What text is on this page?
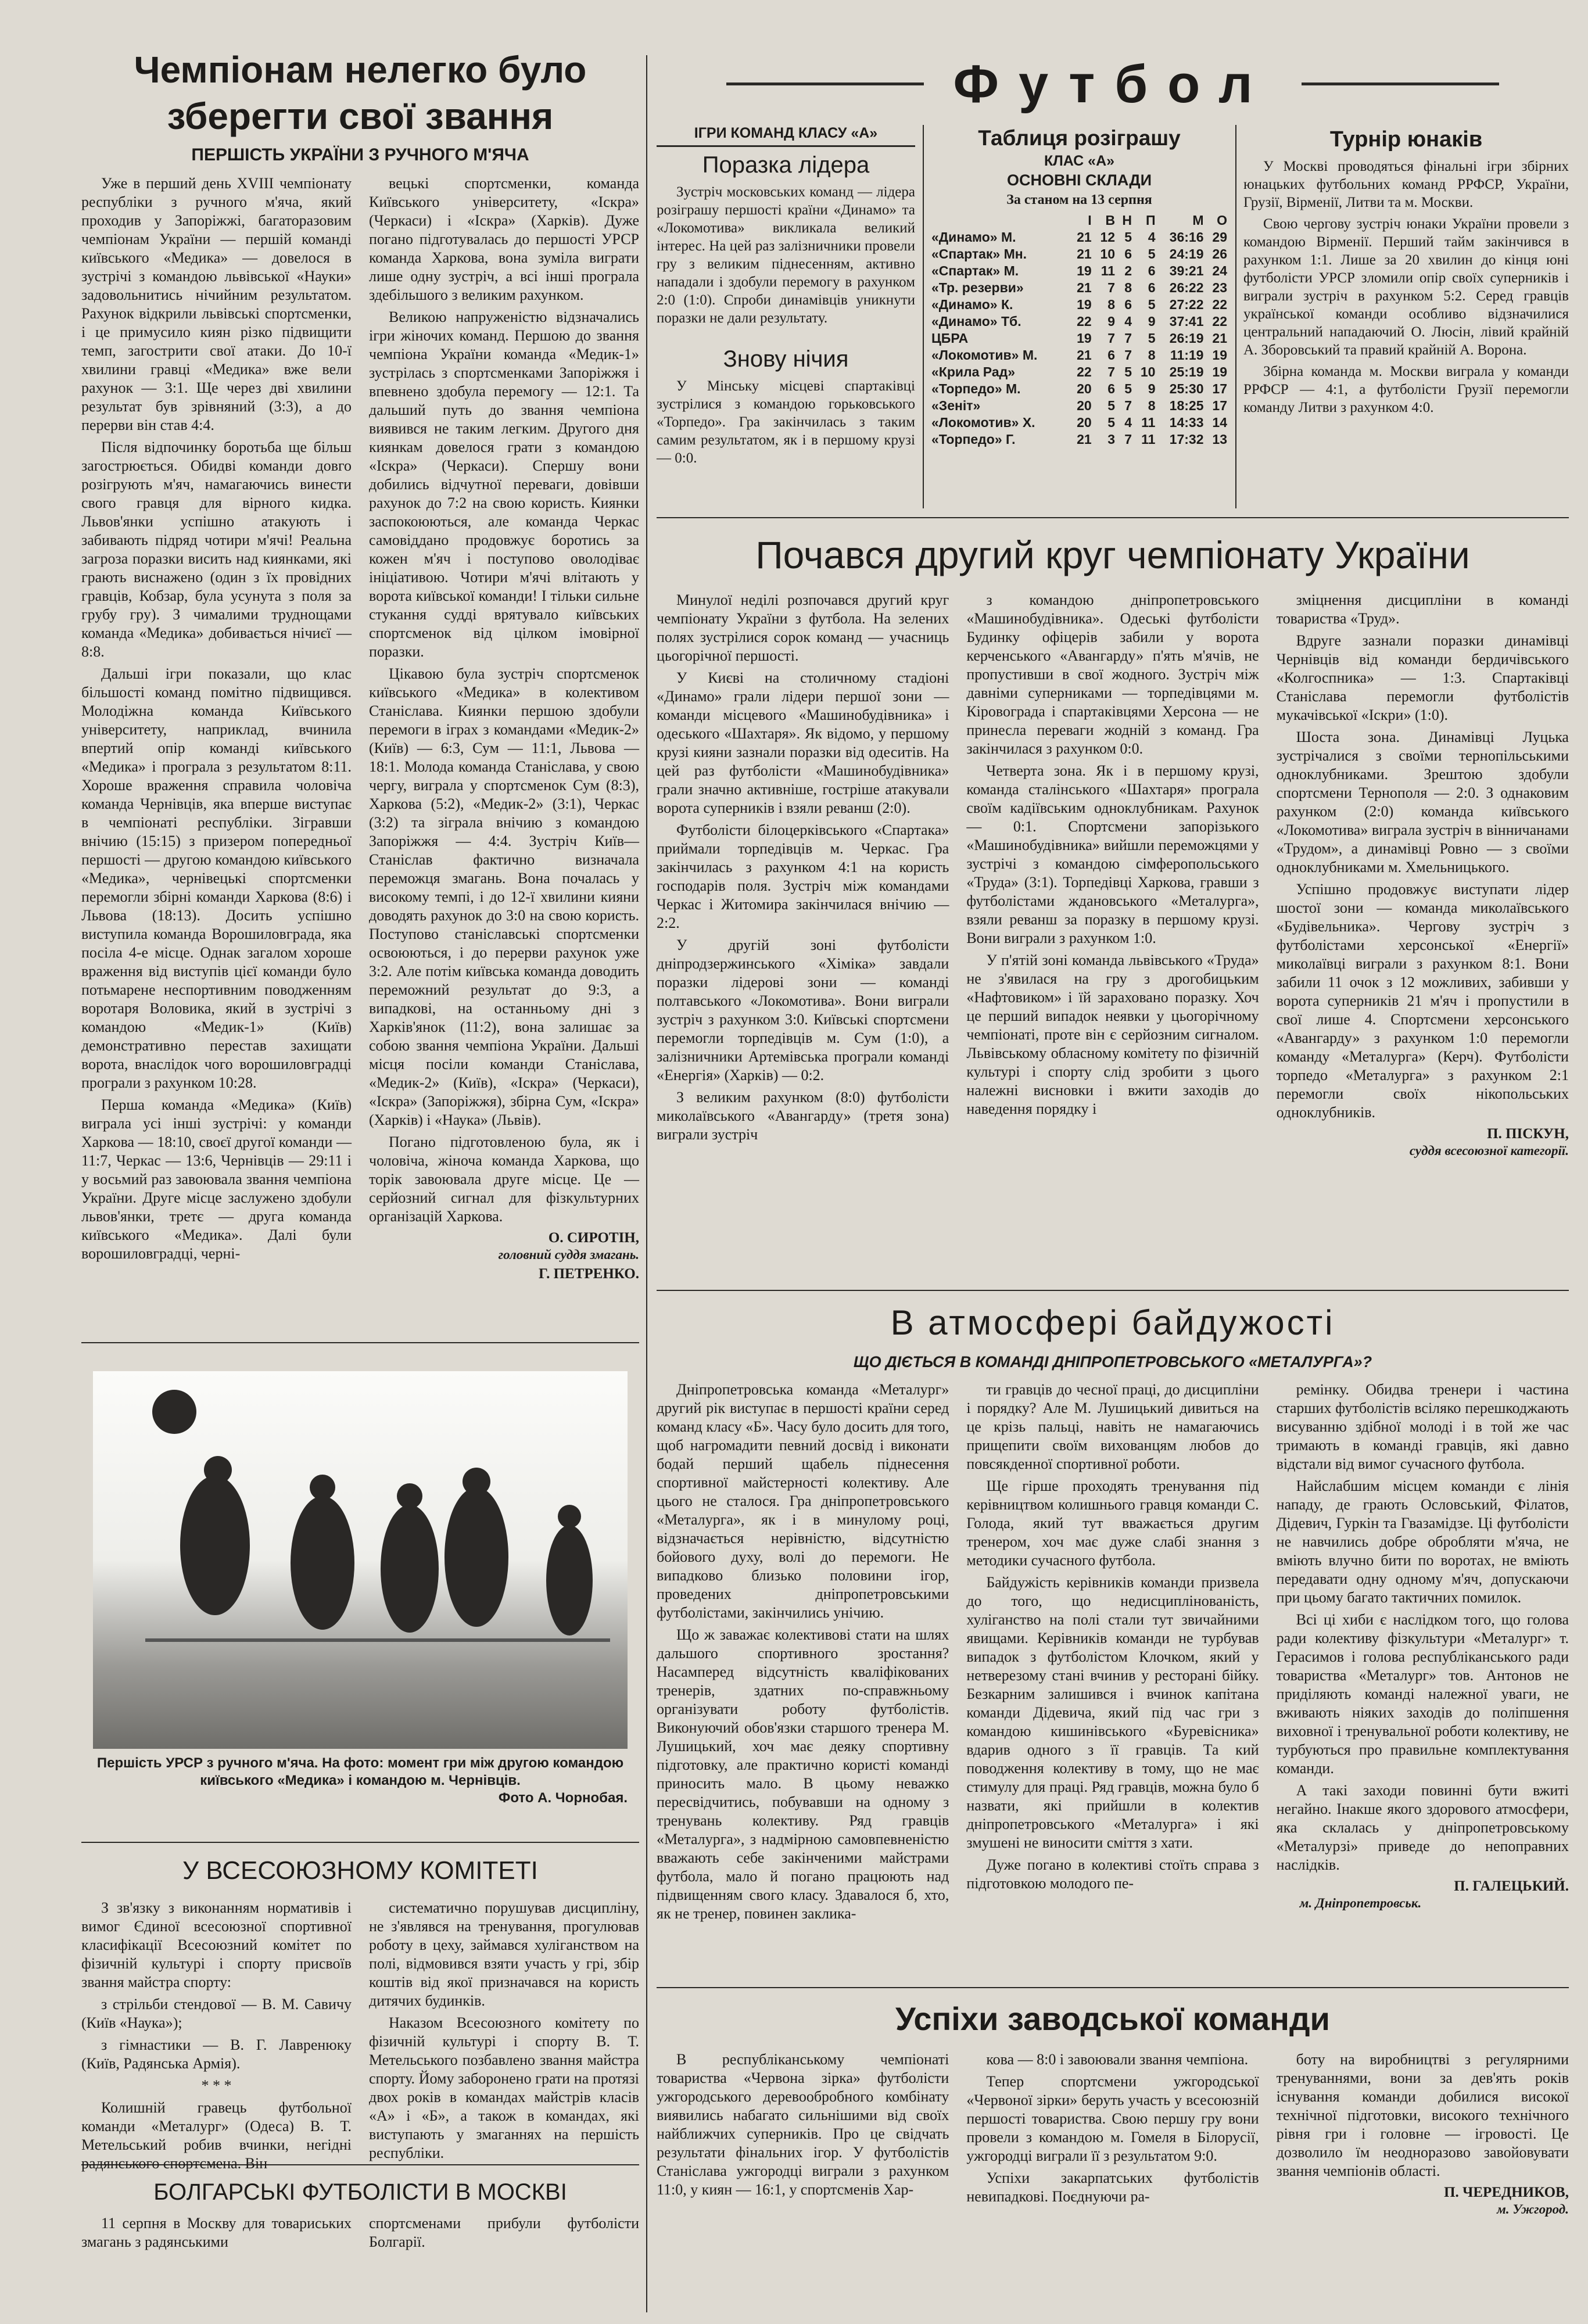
Чемпіонам нелегко було
зберегти свої звання
ПЕРШІСТЬ УКРАЇНИ З РУЧНОГО М'ЯЧА

Уже в перший день XVIII чемпіонату республіки з ручного м'яча, який проходив у Запоріжжі, багаторазовим чемпіонам України — першій команді київського «Медика» — довелося в зустрічі з командою львівської «Науки» задовольнитись нічийним результатом. Рахунок відкрили львівські спортсменки, і це примусило киян різко підвищити темп, загострити свої атаки. До 10-ї хвилини гравці «Медика» вже вели рахунок — 3:1. Ще через дві хвилини результат був зрівняний (3:3), а до перерви він став 4:4.

Після відпочинку боротьба ще більш загострюється. Обидві команди довго розігрують м'яч, намагаючись винести свого гравця для вірного кидка. Львов'янки успішно атакують і забивають підряд чотири м'ячі! Реальна загроза поразки висить над киянками, які грають виснажено (один з їх провідних гравців, Кобзар, була усунута з поля за грубу гру). З чималими труднощами команда «Медика» добивається нічиєї — 8:8.

Дальші ігри показали, що клас більшості команд помітно підвищився. Молодіжна команда Київського університету, наприклад, вчинила впертий опір команді київського «Медика» і програла з результатом 8:11. Хороше враження справила чоловіча команда Чернівців, яка вперше виступає в чемпіонаті республіки. Зігравши внічию (15:15) з призером попередньої першості — другою командою київського «Медика», чернівецькі спортсменки перемогли збірні команди Харкова (8:6) і Львова (18:13). Досить успішно виступила команда Ворошиловграда, яка посіла 4-е місце. Однак загалом хороше враження від виступів цієї команди було потьмарене неспортивним поводженням воротаря Воловика, який в зустрічі з командою «Медик-1» (Київ) демонстративно перестав захищати ворота, внаслідок чого ворошиловградці програли з рахунком 10:28.

Перша команда «Медика» (Київ) виграла усі інші зустрічі: у команди Харкова — 18:10, своєї другої команди — 11:7, Черкас — 13:6, Чернівців — 29:11 і у восьмий раз завоювала звання чемпіона України. Друге місце заслужено здобули львов'янки, третє — друга команда київського «Медика». Далі були ворошиловградці, черні-

вецькі спортсменки, команда Київського університету, «Іскра» (Черкаси) і «Іскра» (Харків). Дуже погано підготувалась до першості УРСР команда Харкова, вона зуміла виграти лише одну зустріч, а всі інші програла здебільшого з великим рахунком.

Великою напруженістю відзначались ігри жіночих команд. Першою до звання чемпіона України команда «Медик-1» зустрілась з спортсменками Запоріжжя і впевнено здобула перемогу — 12:1. Та дальший путь до звання чемпіона виявився не таким легким. Другого дня киянкам довелося грати з командою «Іскра» (Черкаси). Спершу вони добились відчутної переваги, довівши рахунок до 7:2 на свою користь. Киянки заспокоюються, але команда Черкас самовіддано продовжує боротись за кожен м'яч і поступово оволодіває ініціативою. Чотири м'ячі влітають у ворота київської команди! І тільки сильне стукання судді врятувало київських спортсменок від цілком імовірної поразки.

Цікавою була зустріч спортсменок київського «Медика» в колективом Станіслава. Киянки першою здобули перемоги в іграх з командами «Медик-2» (Київ) — 6:3, Сум — 11:1, Львова — 18:1. Молода команда Станіслава, у свою чергу, виграла у спортсменок Сум (8:3), Харкова (5:2), «Медик-2» (3:1), Черкас (3:2) та зіграла внічию з командою Запоріжжя — 4:4. Зустріч Київ—Станіслав фактично визначала переможця змагань. Вона почалась у високому темпі, і до 12-ї хвилини кияни доводять рахунок до 3:0 на свою користь. Поступово станіславські спортсменки освоюються, і до перерви рахунок уже 3:2. Але потім київська команда доводить переможний результат до 9:3, а випадкові, на останньому дні з Харків'янок (11:2), вона залишає за собою звання чемпіона України. Дальші місця посіли команди Станіслава, «Медик-2» (Київ), «Іскра» (Черкаси), «Іскра» (Запоріжжя), збірна Сум, «Іскра» (Харків) і «Наука» (Львів).

Погано підготовленою була, як і чоловіча, жіноча команда Харкова, що торік завоювала друге місце. Це — серйозний сигнал для фізкультурних організацій Харкова.

О. СИРОТІН,
головний суддя змагань.
Г. ПЕТРЕНКО.
Першість УРСР з ручного м'яча. На фото: момент гри між другою командою київського «Медика» і командою м. Чернівців.
Фото А. Чорнобая.
У ВСЕСОЮЗНОМУ КОМІТЕТІ

З зв'язку з виконанням нормативів і вимог Єдиної всесоюзної спортивної класифікації Всесоюзний комітет по фізичній культурі і спорту присвоїв звання майстра спорту:

з стрільби стендової — В. М. Савичу (Київ «Наука»);

з гімнастики — В. Г. Лавренюку (Київ, Радянська Армія).

* * *

Колишній гравець футбольної команди «Металург» (Одеса) В. Т. Метельський робив вчинки, негідні радянського спортсмена. Він

систематично порушував дисципліну, не з'являвся на тренування, прогулював роботу в цеху, займався хуліганством на полі, відмовився взяти участь у грі, збір коштів від якої призначався на користь дитячих будинків.

Наказом Всесоюзного комітету по фізичній культурі і спорту В. Т. Метельського позбавлено звання майстра спорту. Йому заборонено грати на протязі двох років в командах майстрів класів «А» і «Б», а також в командах, які виступають у змаганнях на першість республіки.

БОЛГАРСЬКІ ФУТБОЛІСТИ В МОСКВІ

11 серпня в Москву для товариських змагань з радянськими

спортсменами прибули футболісти Болгарії.

Футбол
ІГРИ КОМАНД КЛАСУ «А»
Поразка лідера

Зустріч московських команд — лідера розіграшу першості країни «Динамо» та «Локомотива» викликала великий інтерес. На цей раз залізничники провели гру з великим піднесенням, активно нападали і здобули перемогу в рахунком 2:0 (1:0). Спроби динамівців уникнути поразки не дали результату.

Знову нічия

У Мінську місцеві спартаківці зустрілися з командою горьковського «Торпедо». Гра закінчилась з таким самим результатом, як і в першому крузі — 0:0.

Таблиця розіграшу
КЛАС «А»
ОСНОВНІ СКЛАДИ
За станом на 13 серпня
	І	В	Н	П	М	О
«Динамо» М.	21	12	5	4	36:16	29
«Спартак» Мн.	21	10	6	5	24:19	26
«Спартак» М.	19	11	2	6	39:21	24
«Тр. резерви»	21	7	8	6	26:22	23
«Динамо» К.	19	8	6	5	27:22	22
«Динамо» Тб.	22	9	4	9	37:41	22
ЦБРА	19	7	7	5	26:19	21
«Локомотив» М.	21	6	7	8	11:19	19
«Крила Рад»	22	7	5	10	25:19	19
«Торпедо» М.	20	6	5	9	25:30	17
«Зеніт»	20	5	7	8	18:25	17
«Локомотив» Х.	20	5	4	11	14:33	14
«Торпедо» Г.	21	3	7	11	17:32	13
Турнір юнаків

У Москві проводяться фінальні ігри збірних юнацьких футбольних команд РРФСР, України, Грузії, Вірменії, Литви та м. Москви.

Свою чергову зустріч юнаки України провели з командою Вірменії. Перший тайм закінчився в рахунком 1:1. Лише за 20 хвилин до кінця юні футболісти УРСР зломили опір своїх суперників і виграли зустріч в рахунком 5:2. Серед гравців української команди особливо відзначилися центральний нападаючий О. Люсін, лівий крайній А. Зборовський та правий крайній А. Ворона.

Збірна команда м. Москви виграла у команди РРФСР — 4:1, а футболісти Грузії перемогли команду Литви з рахунком 4:0.

Почався другий круг чемпіонату України

Минулої неділі розпочався другий круг чемпіонату України з футбола. На зелених полях зустрілися сорок команд — учасниць цьогорічної першості.

У Києві на столичному стадіоні «Динамо» грали лідери першої зони — команди місцевого «Машинобудівника» і одеського «Шахтаря». Як відомо, у першому крузі кияни зазнали поразки від одеситів. На цей раз футболісти «Машинобудівника» грали значно активніше, гостріше атакували ворота суперників і взяли реванш (2:0).

Футболісти білоцерківського «Спартака» приймали торпедівців м. Черкас. Гра закінчилась з рахунком 4:1 на користь господарів поля. Зустріч між командами Черкас і Житомира закінчилася внічию — 2:2.

У другій зоні футболісти дніпродзержинського «Хіміка» завдали поразки лідерові зони — команді полтавського «Локомотива». Вони виграли зустріч з рахунком 3:0. Київські спортсмени перемогли торпедівців м. Сум (1:0), а залізничники Артемівська програли команді «Енергія» (Харків) — 0:2.

З великим рахунком (8:0) футболісти миколаївського «Авангарду» (третя зона) виграли зустріч

з командою дніпропетровського «Машинобудівника». Одеські футболісти Будинку офіцерів забили у ворота керченського «Авангарду» п'ять м'ячів, не пропустивши в свої жодного. Зустріч між давніми суперниками — торпедівцями м. Кіровограда і спартаківцями Херсона — не принесла переваги жодній з команд. Гра закінчилася з рахунком 0:0.

Четверта зона. Як і в першому крузі, команда сталінського «Шахтаря» програла своїм кадіївським одноклубникам. Рахунок — 0:1. Спортсмени запорізького «Машинобудівника» вийшли переможцями у зустрічі з командою сімферопольського «Труда» (3:1). Торпедівці Харкова, гравши з футболістами ждановського «Металурга», взяли реванш за поразку в першому крузі. Вони виграли з рахунком 1:0.

У п'ятій зоні команда львівського «Труда» не з'явилася на гру з дрогобицьким «Нафтовиком» і їй зараховано поразку. Хоч це перший випадок неявки у цьогорічному чемпіонаті, проте він є серйозним сигналом. Львівському обласному комітету по фізичній культурі і спорту слід зробити з цього належні висновки і вжити заходів до наведення порядку і

зміцнення дисципліни в команді товариства «Труд».

Вдруге зазнали поразки динамівці Чернівців від команди бердичівського «Колгоспника» — 1:3. Спартаківці Станіслава перемогли футболістів мукачівської «Іскри» (1:0).

Шоста зона. Динамівці Луцька зустрічалися з своїми тернопільськими одноклубниками. Зрештою здобули спортсмени Тернополя — 2:0. З однаковим рахунком (2:0) команда київського «Локомотива» виграла зустріч в вінничанами «Трудом», а динамівці Ровно — з своїми одноклубниками м. Хмельницького.

Успішно продовжує виступати лідер шостої зони — команда миколаївського «Будівельника». Чергову зустріч з футболістами херсонської «Енергії» миколаївці виграли з рахунком 8:1. Вони забили 11 очок з 12 можливих, забивши у ворота суперників 21 м'яч і пропустили в свої лише 4. Спортсмени херсонського «Авангарду» з рахунком 1:0 перемогли команду «Металурга» (Керч). Футболісти торпедо «Металурга» з рахунком 2:1 перемогли своїх нікопольських одноклубників.

П. ПІСКУН,
суддя всесоюзної категорії.
В атмосфері байдужості
ЩО ДІЄТЬСЯ В КОМАНДІ ДНІПРОПЕТРОВСЬКОГО «МЕТАЛУРГА»?

Дніпропетровська команда «Металург» другий рік виступає в першості країни серед команд класу «Б». Часу було досить для того, щоб нагромадити певний досвід і виконати бодай перший щабель піднесення спортивної майстерності колективу. Але цього не сталося. Гра дніпропетровського «Металурга», як і в минулому році, відзначається нерівністю, відсутністю бойового духу, волі до перемоги. Не випадково близько половини ігор, проведених дніпропетровськими футболістами, закінчились унічию.

Що ж заважає колективові стати на шлях дальшого спортивного зростання? Насамперед відсутність кваліфікованих тренерів, здатних по-справжньому організувати роботу футболістів. Виконуючий обов'язки старшого тренера М. Лушицький, хоч має деяку спортивну підготовку, але практично користі команді приносить мало. В цьому неважко пересвідчитись, побувавши на одному з тренувань колективу. Ряд гравців «Металурга», з надмірною самовпевненістю вважають себе закінченими майстрами футбола, мало й погано працюють над підвищенням свого класу. Здавалося б, хто, як не тренер, повинен заклика-

ти гравців до чесної праці, до дисципліни і порядку? Але М. Лушицький дивиться на це крізь пальці, навіть не намагаючись прищепити своїм вихованцям любов до повсякденної спортивної роботи.

Ще гірше проходять тренування під керівництвом колишнього гравця команди С. Голода, який тут вважається другим тренером, хоч має дуже слабі знання з методики сучасного футбола.

Байдужість керівників команди призвела до того, що недисциплінованість, хуліганство на полі стали тут звичайними явищами. Керівників команди не турбував випадок з футболістом Клочком, який у нетверезому стані вчинив у ресторані бійку. Безкарним залишився і вчинок капітана команди Дідевича, який під час гри з командою кишинівського «Буревісника» вдарив одного з її гравців. Та кий поводження колективу в тому, що не має стимулу для праці. Ряд гравців, можна було б назвати, які прийшли в колектив дніпропетровського «Металурга» і які змушені не виносити сміття з хати.

Дуже погано в колективі стоїть справа з підготовкою молодого пе-

ремінку. Обидва тренери і частина старших футболістів всіляко перешкоджають висуванню здібної молоді і в той же час тримають в команді гравців, які давно відстали від вимог сучасного футбола.

Найслабшим місцем команди є лінія нападу, де грають Ословський, Філатов, Дідевич, Гуркін та Гвазамідзе. Ці футболісти не навчились добре обробляти м'яча, не вміють влучно бити по воротах, не вміють передавати одну одному м'яч, допускаючи при цьому багато тактичних помилок.

Всі ці хиби є наслідком того, що голова ради колективу фізкультури «Металург» т. Герасимов і голова республіканського ради товариства «Металург» тов. Антонов не приділяють команді належної уваги, не вживають ніяких заходів до поліпшення виховної і тренувальної роботи колективу, не турбуються про правильне комплектування команди.

А такі заходи повинні бути вжиті негайно. Інакше якого здорового атмосфери, яка склалась у дніпропетровському «Металурзі» приведе до непоправних наслідків.

П. ГАЛЕЦЬКИЙ.
м. Дніпропетровськ.
Успіхи заводської команди

В республіканському чемпіонаті товариства «Червона зірка» футболісти ужгородського деревообробного комбінату виявились набагато сильнішими від своїх найближчих суперників. Про це свідчать результати фінальних ігор. У футболістів Станіслава ужгородці виграли з рахунком 11:0, у киян — 16:1, у спортсменів Хар-

кова — 8:0 і завоювали звання чемпіона.

Тепер спортсмени ужгородської «Червоної зірки» беруть участь у всесоюзній першості товариства. Свою першу гру вони провели з командою м. Гомеля в Білорусії, ужгородці виграли її з результатом 9:0.

Успіхи закарпатських футболістів невипадкові. Поєднуючи ра-

боту на виробництві з регулярними тренуваннями, вони за дев'ять років існування команди добилися високої технічної підготовки, високого технічного рівня гри і головне — ігровості. Це дозволило їм неодноразово завойовувати звання чемпіонів області.

П. ЧЕРЕДНИКОВ,
м. Ужгород.
